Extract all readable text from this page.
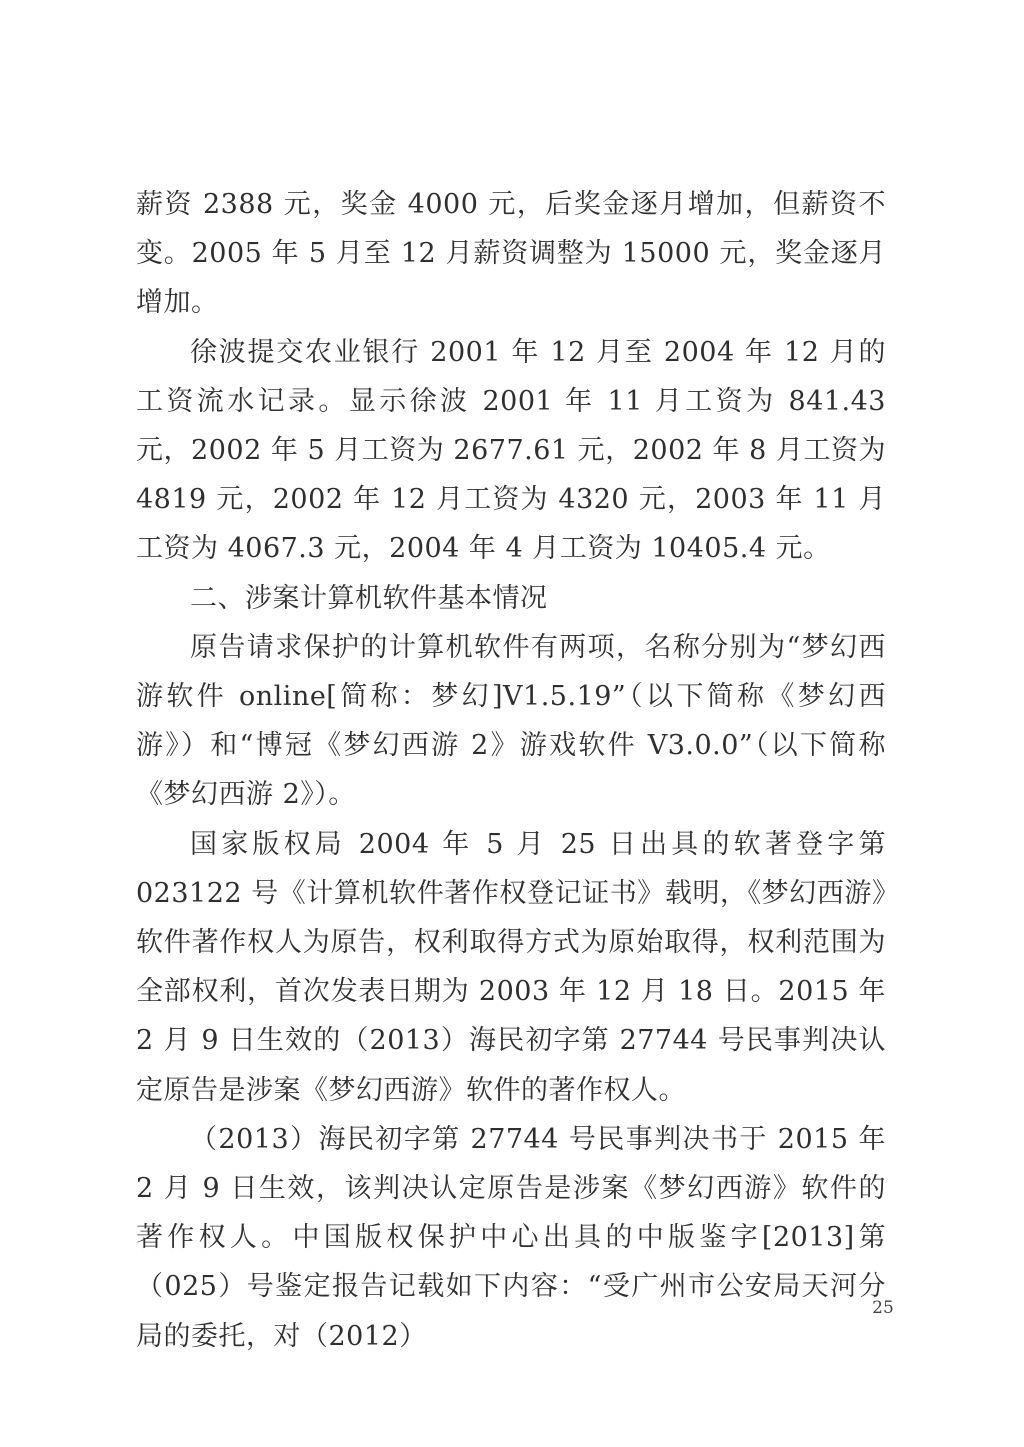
薪资 2388 元，奖金 4000 元，后奖金逐月增加，但薪资不变。2005 年 5 月至 12 月薪资调整为 15000 元，奖金逐月增加。

徐波提交农业银行 2001 年 12 月至 2004 年 12 月的工资流水记录。显示徐波 2001 年 11 月工资为 841.43 元，2002 年 5 月工资为 2677.61 元，2002 年 8 月工资为 4819 元，2002 年 12 月工资为 4320 元，2003 年 11 月工资为 4067.3 元，2004 年 4 月工资为 10405.4 元。

二、涉案计算机软件基本情况

原告请求保护的计算机软件有两项，名称分别为“梦幻西游软件 online[简称：梦幻]V1.5.19”（以下简称《梦幻西游》）和“博冠《梦幻西游 2》游戏软件 V3.0.0”（以下简称《梦幻西游 2》）。

国家版权局 2004 年 5 月 25 日出具的软著登字第 023122 号《计算机软件著作权登记证书》载明，《梦幻西游》软件著作权人为原告，权利取得方式为原始取得，权利范围为全部权利，首次发表日期为 2003 年 12 月 18 日。2015 年 2 月 9 日生效的（2013）海民初字第 27744 号民事判决认定原告是涉案《梦幻西游》软件的著作权人。

（2013）海民初字第 27744 号民事判决书于 2015 年 2 月 9 日生效，该判决认定原告是涉案《梦幻西游》软件的著作权人。中国版权保护中心出具的中版鉴字[2013]第（025）号鉴定报告记载如下内容：“受广州市公安局天河分局的委托，对（2012）

25
